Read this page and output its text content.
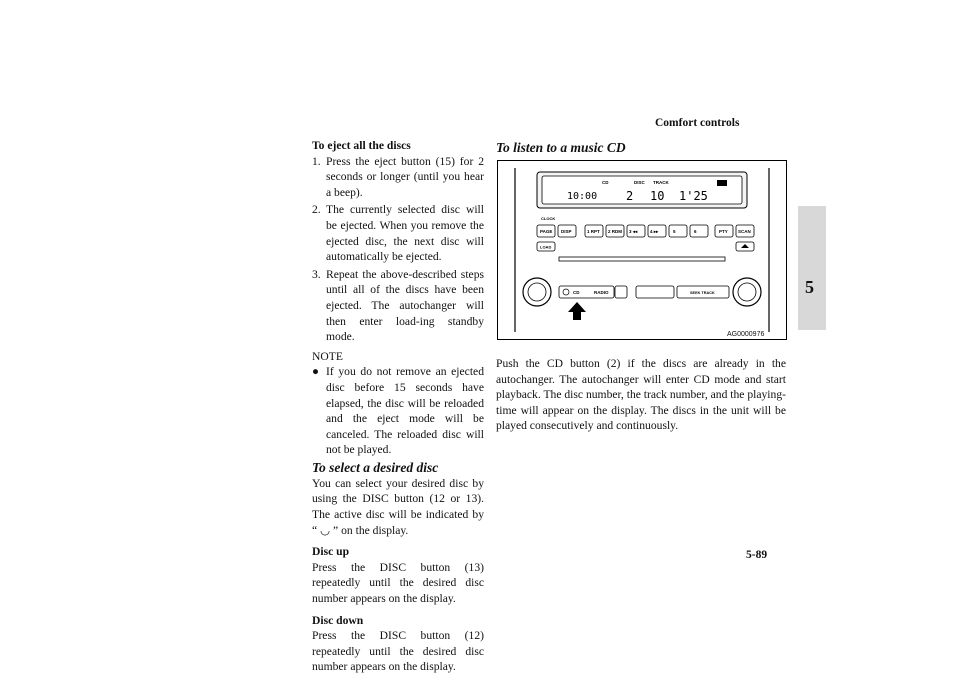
Comfort controls
5
To eject all the discs
1. Press the eject button (15) for 2 seconds or longer (until you hear a beep).
2. The currently selected disc will be ejected. When you remove the ejected disc, the next disc will automatically be ejected.
3. Repeat the above-described steps until all of the discs have been ejected. The autochanger will then enter load-ing standby mode.
NOTE
● If you do not remove an ejected disc before 15 seconds have elapsed, the disc will be reloaded and the eject mode will be canceled. The reloaded disc will not be played.
To select a desired disc
You can select your desired disc by using the DISC button (12 or 13). The active disc will be indicated by “ ◡ ” on the display.
Disc up
Press the DISC button (13) repeatedly until the desired disc number appears on the display.
Disc down
Press the DISC button (12) repeatedly until the desired disc number appears on the display.
To listen to a music CD
CD	DISC TRACK
10:00 2 10 1'25
CLOCK
PAGE DISP	1 RPT 2 RDM 3 ◂◂	4 ▸▸	5	6	PTY SCAN
LOAD
CD	RADIO	SEEK TRACK
AG0000976
Push the CD button (2) if the discs are already in the autochanger. The autochanger will enter CD mode and start playback. The disc number, the track number, and the playing-time will appear on the display. The discs in the unit will be played consecutively and continuously.
5-89
